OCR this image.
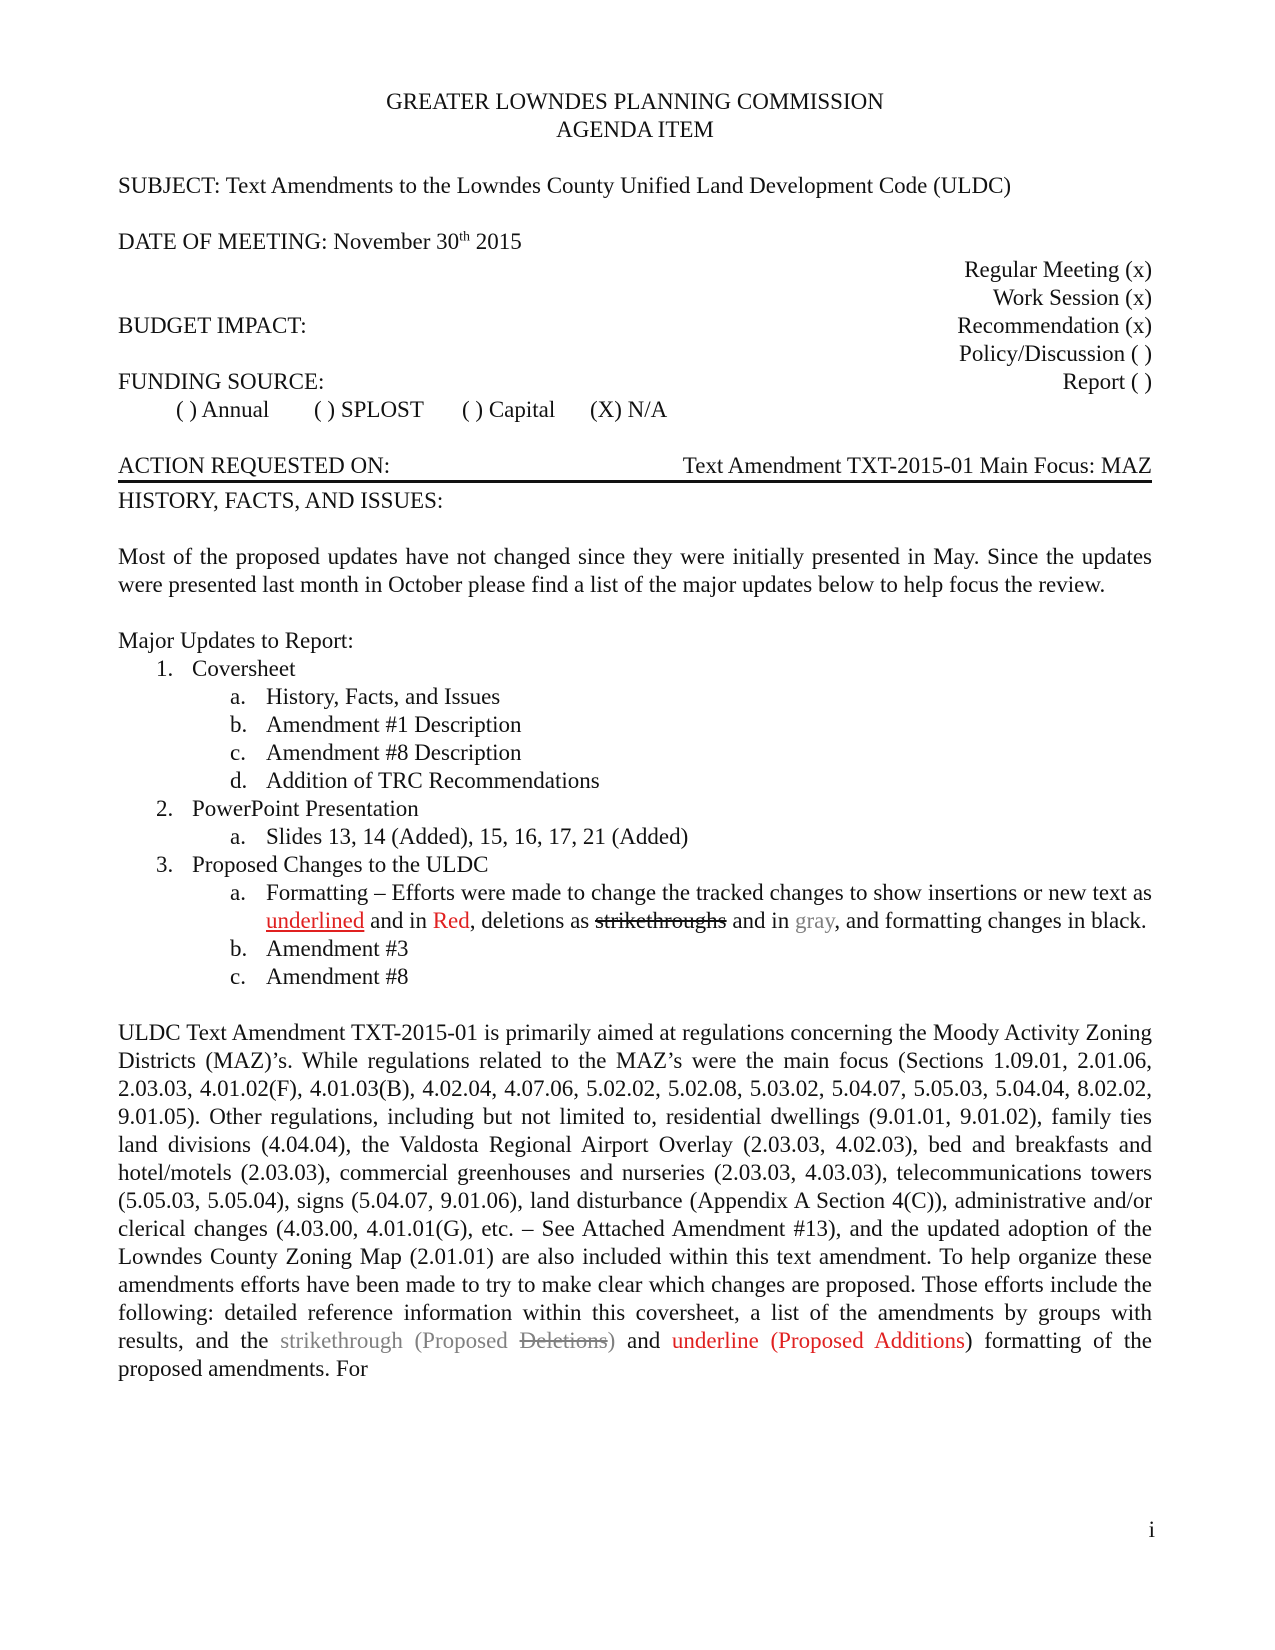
GREATER LOWNDES PLANNING COMMISSION
AGENDA ITEM
SUBJECT: Text Amendments to the Lowndes County Unified Land Development Code (ULDC)
DATE OF MEETING: November 30th 2015
Regular Meeting (x)
Work Session (x)
BUDGET IMPACT:	Recommendation (x)
Policy/Discussion ( )
FUNDING SOURCE:	Report ( )
( ) Annual ( ) SPLOST ( ) Capital (X) N/A
ACTION REQUESTED ON:	Text Amendment TXT-2015-01 Main Focus: MAZ
HISTORY, FACTS, AND ISSUES:
Most of the proposed updates have not changed since they were initially presented in May. Since the updates were presented last month in October please find a list of the major updates below to help focus the review.
Major Updates to Report:
1. Coversheet
a. History, Facts, and Issues
b. Amendment #1 Description
c. Amendment #8 Description
d. Addition of TRC Recommendations
2. PowerPoint Presentation
a. Slides 13, 14 (Added), 15, 16, 17, 21 (Added)
3. Proposed Changes to the ULDC
a. Formatting – Efforts were made to change the tracked changes to show insertions or new text as underlined and in Red, deletions as strikethroughs and in gray, and formatting changes in black.
b. Amendment #3
c. Amendment #8
ULDC Text Amendment TXT-2015-01 is primarily aimed at regulations concerning the Moody Activity Zoning Districts (MAZ)’s. While regulations related to the MAZ’s were the main focus (Sections 1.09.01, 2.01.06, 2.03.03, 4.01.02(F), 4.01.03(B), 4.02.04, 4.07.06, 5.02.02, 5.02.08, 5.03.02, 5.04.07, 5.05.03, 5.04.04, 8.02.02, 9.01.05). Other regulations, including but not limited to, residential dwellings (9.01.01, 9.01.02), family ties land divisions (4.04.04), the Valdosta Regional Airport Overlay (2.03.03, 4.02.03), bed and breakfasts and hotel/motels (2.03.03), commercial greenhouses and nurseries (2.03.03, 4.03.03), telecommunications towers (5.05.03, 5.05.04), signs (5.04.07, 9.01.06), land disturbance (Appendix A Section 4(C)), administrative and/or clerical changes (4.03.00, 4.01.01(G), etc. – See Attached Amendment #13), and the updated adoption of the Lowndes County Zoning Map (2.01.01) are also included within this text amendment. To help organize these amendments efforts have been made to try to make clear which changes are proposed. Those efforts include the following: detailed reference information within this coversheet, a list of the amendments by groups with results, and the strikethrough (Proposed Deletions) and underline (Proposed Additions) formatting of the proposed amendments. For
i
